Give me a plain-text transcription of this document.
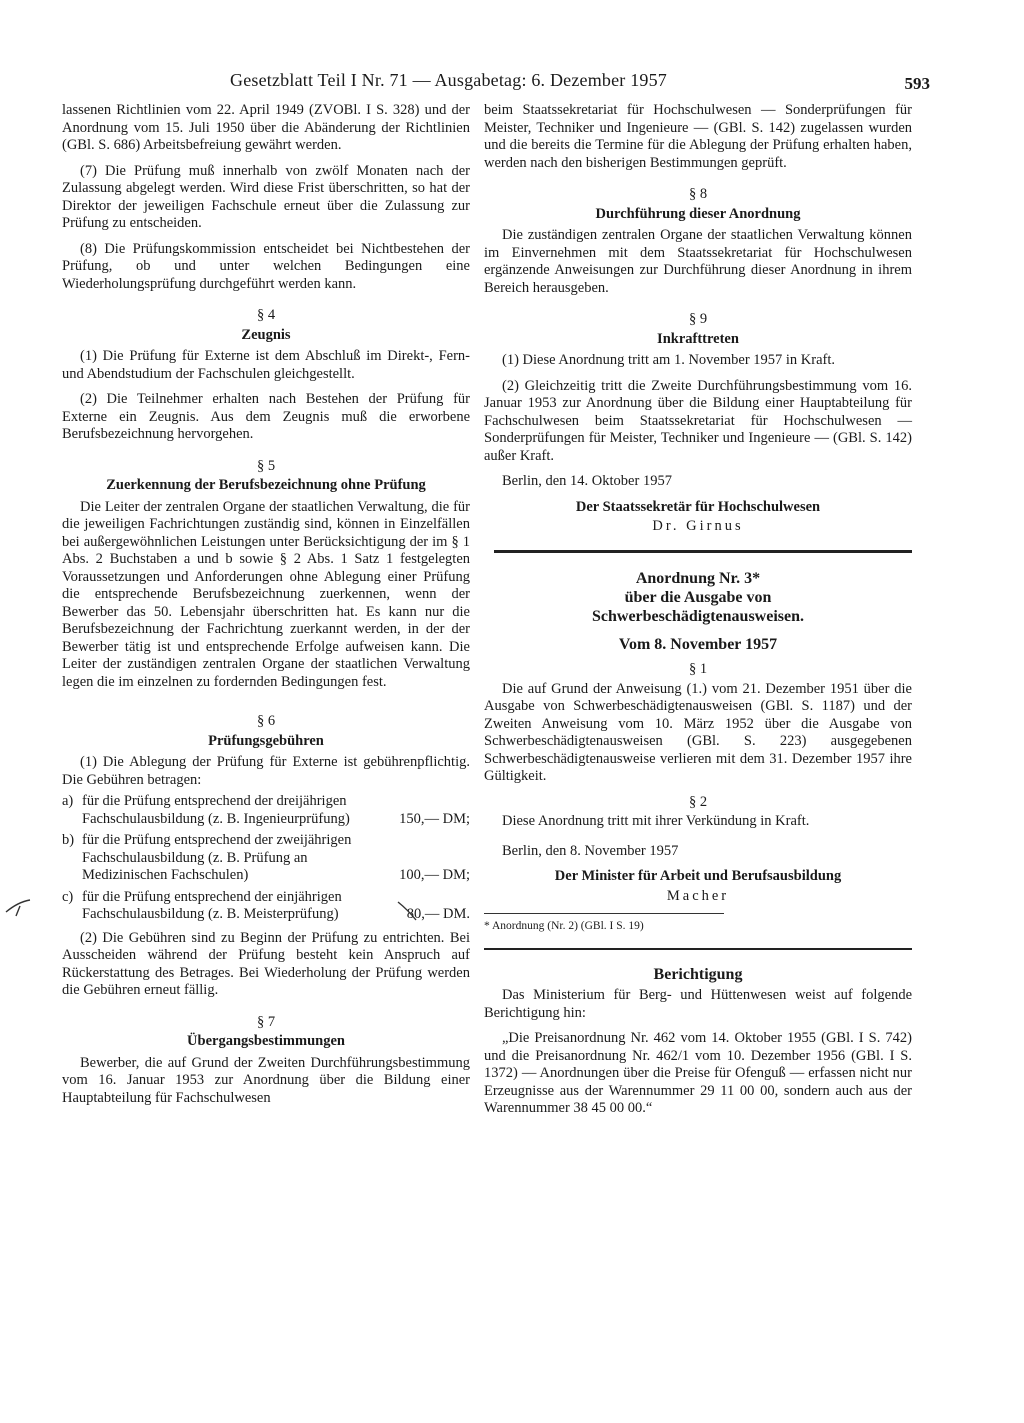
Gesetzblatt Teil I Nr. 71 — Ausgabetag: 6. Dezember 1957	593

lassenen Richtlinien vom 22. April 1949 (ZVOBl. I S. 328) und der Anordnung vom 15. Juli 1950 über die Abänderung der Richtlinien (GBl. S. 686) Arbeitsbefreiung gewährt werden.

(7) Die Prüfung muß innerhalb von zwölf Monaten nach der Zulassung abgelegt werden. Wird diese Frist überschritten, so hat der Direktor der jeweiligen Fachschule erneut über die Zulassung zur Prüfung zu entscheiden.

(8) Die Prüfungskommission entscheidet bei Nichtbestehen der Prüfung, ob und unter welchen Bedingungen eine Wiederholungsprüfung durchgeführt werden kann.

§ 4
Zeugnis

(1) Die Prüfung für Externe ist dem Abschluß im Direkt-, Fern- und Abendstudium der Fachschulen gleichgestellt.

(2) Die Teilnehmer erhalten nach Bestehen der Prüfung für Externe ein Zeugnis. Aus dem Zeugnis muß die erworbene Berufsbezeichnung hervorgehen.

§ 5
Zuerkennung der Berufsbezeichnung ohne Prüfung

Die Leiter der zentralen Organe der staatlichen Verwaltung, die für die jeweiligen Fachrichtungen zuständig sind, können in Einzelfällen bei außergewöhnlichen Leistungen unter Berücksichtigung der im § 1 Abs. 2 Buchstaben a und b sowie § 2 Abs. 1 Satz 1 festgelegten Voraussetzungen und Anforderungen ohne Ablegung einer Prüfung die entsprechende Berufsbezeichnung zuerkennen, wenn der Bewerber das 50. Lebensjahr überschritten hat. Es kann nur die Berufsbezeichnung der Fachrichtung zuerkannt werden, in der der Bewerber tätig ist und entsprechende Erfolge aufweisen kann. Die Leiter der zuständigen zentralen Organe der staatlichen Verwaltung legen die im einzelnen zu fordernden Bedingungen fest.

§ 6
Prüfungsgebühren

(1) Die Ablegung der Prüfung für Externe ist gebührenpflichtig. Die Gebühren betragen:

a) für die Prüfung entsprechend der dreijährigen Fachschulausbildung (z. B. Ingenieurprüfung)	150,— DM;
b) für die Prüfung entsprechend der zweijährigen Fachschulausbildung (z. B. Prüfung an Medizinischen Fachschulen)	100,— DM;
c) für die Prüfung entsprechend der einjährigen Fachschulausbildung (z. B. Meisterprüfung)	80,— DM.

(2) Die Gebühren sind zu Beginn der Prüfung zu entrichten. Bei Ausscheiden während der Prüfung besteht kein Anspruch auf Rückerstattung des Betrages. Bei Wiederholung der Prüfung werden die Gebühren erneut fällig.

§ 7
Übergangsbestimmungen

Bewerber, die auf Grund der Zweiten Durchführungsbestimmung vom 16. Januar 1953 zur Anordnung über die Bildung einer Hauptabteilung für Fachschulwesen

beim Staatssekretariat für Hochschulwesen — Sonderprüfungen für Meister, Techniker und Ingenieure — (GBl. S. 142) zugelassen wurden und die bereits die Termine für die Ablegung der Prüfung erhalten haben, werden nach den bisherigen Bestimmungen geprüft.

§ 8
Durchführung dieser Anordnung

Die zuständigen zentralen Organe der staatlichen Verwaltung können im Einvernehmen mit dem Staatssekretariat für Hochschulwesen ergänzende Anweisungen zur Durchführung dieser Anordnung in ihrem Bereich herausgeben.

§ 9
Inkrafttreten

(1) Diese Anordnung tritt am 1. November 1957 in Kraft.

(2) Gleichzeitig tritt die Zweite Durchführungsbestimmung vom 16. Januar 1953 zur Anordnung über die Bildung einer Hauptabteilung für Fachschulwesen beim Staatssekretariat für Hochschulwesen — Sonderprüfungen für Meister, Techniker und Ingenieure — (GBl. S. 142) außer Kraft.

Berlin, den 14. Oktober 1957

Der Staatssekretär für Hochschulwesen
Dr. Girnus
Anordnung Nr. 3*
über die Ausgabe von Schwerbeschädigtenausweisen.
Vom 8. November 1957
§ 1

Die auf Grund der Anweisung (1.) vom 21. Dezember 1951 über die Ausgabe von Schwerbeschädigtenausweisen (GBl. S. 1187) und der Zweiten Anweisung vom 10. März 1952 über die Ausgabe von Schwerbeschädigtenausweisen (GBl. S. 223) ausgegebenen Schwerbeschädigtenausweise verlieren mit dem 31. Dezember 1957 ihre Gültigkeit.

§ 2

Diese Anordnung tritt mit ihrer Verkündung in Kraft.

Berlin, den 8. November 1957

Der Minister für Arbeit und Berufsausbildung
Macher
* Anordnung (Nr. 2) (GBl. I S. 19)
Berichtigung

Das Ministerium für Berg- und Hüttenwesen weist auf folgende Berichtigung hin:

„Die Preisanordnung Nr. 462 vom 14. Oktober 1955 (GBl. I S. 742) und die Preisanordnung Nr. 462/1 vom 10. Dezember 1956 (GBl. I S. 1372) — Anordnungen über die Preise für Ofenguß — erfassen nicht nur Erzeugnisse aus der Warennummer 29 11 00 00, sondern auch aus der Warennummer 38 45 00 00.“
